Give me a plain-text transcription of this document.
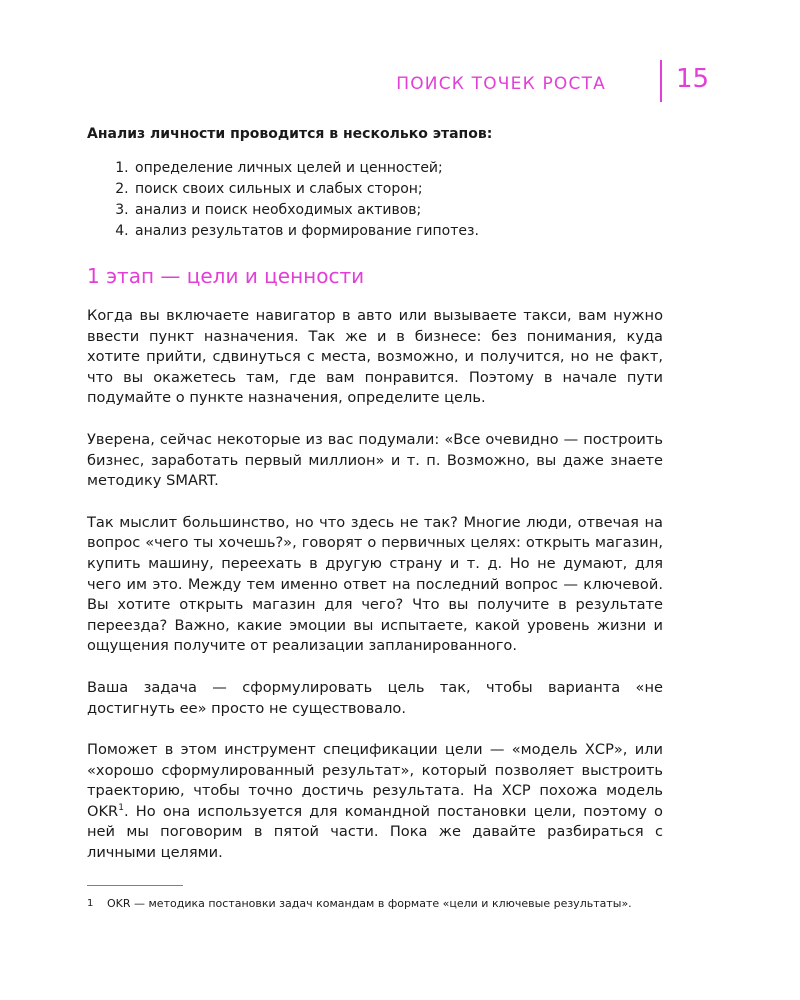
ПОИСК ТОЧЕК РОСТА	15

Анализ личности проводится в несколько этапов:

1. определение личных целей и ценностей;
2. поиск своих сильных и слабых сторон;
3. анализ и поиск необходимых активов;
4. анализ результатов и формирование гипотез.
1 этап — цели и ценности

Когда вы включаете навигатор в авто или вызываете такси, вам нужно ввести пункт назначения. Так же и в бизнесе: без понимания, куда хотите прийти, сдвинуться с места, возможно, и получится, но не факт, что вы окажетесь там, где вам понравится. Поэтому в начале пути подумайте о пункте назначения, определите цель.

Уверена, сейчас некоторые из вас подумали: «Все очевидно — построить бизнес, заработать первый миллион» и т. п. Возможно, вы даже знаете методику SMART.

Так мыслит большинство, но что здесь не так? Многие люди, отвечая на вопрос «чего ты хочешь?», говорят о первичных целях: открыть магазин, купить машину, переехать в другую страну и т. д. Но не думают, для чего им это. Между тем именно ответ на последний вопрос — ключевой. Вы хотите открыть магазин для чего? Что вы получите в результате переезда? Важно, какие эмоции вы испытаете, какой уровень жизни и ощущения получите от реализации запланированного.

Ваша задача — сформулировать цель так, чтобы варианта «не достигнуть ее» просто не существовало.

Поможет в этом инструмент спецификации цели — «модель ХСР», или «хорошо сформулированный результат», который позволяет выстроить траекторию, чтобы точно достичь результата. На ХСР похожа модель OKR$^1$. Но она используется для командной постановки цели, поэтому о ней мы поговорим в пятой части. Пока же давайте разбираться с личными целями.

1	OKR — методика постановки задач командам в формате «цели и ключевые результаты».
